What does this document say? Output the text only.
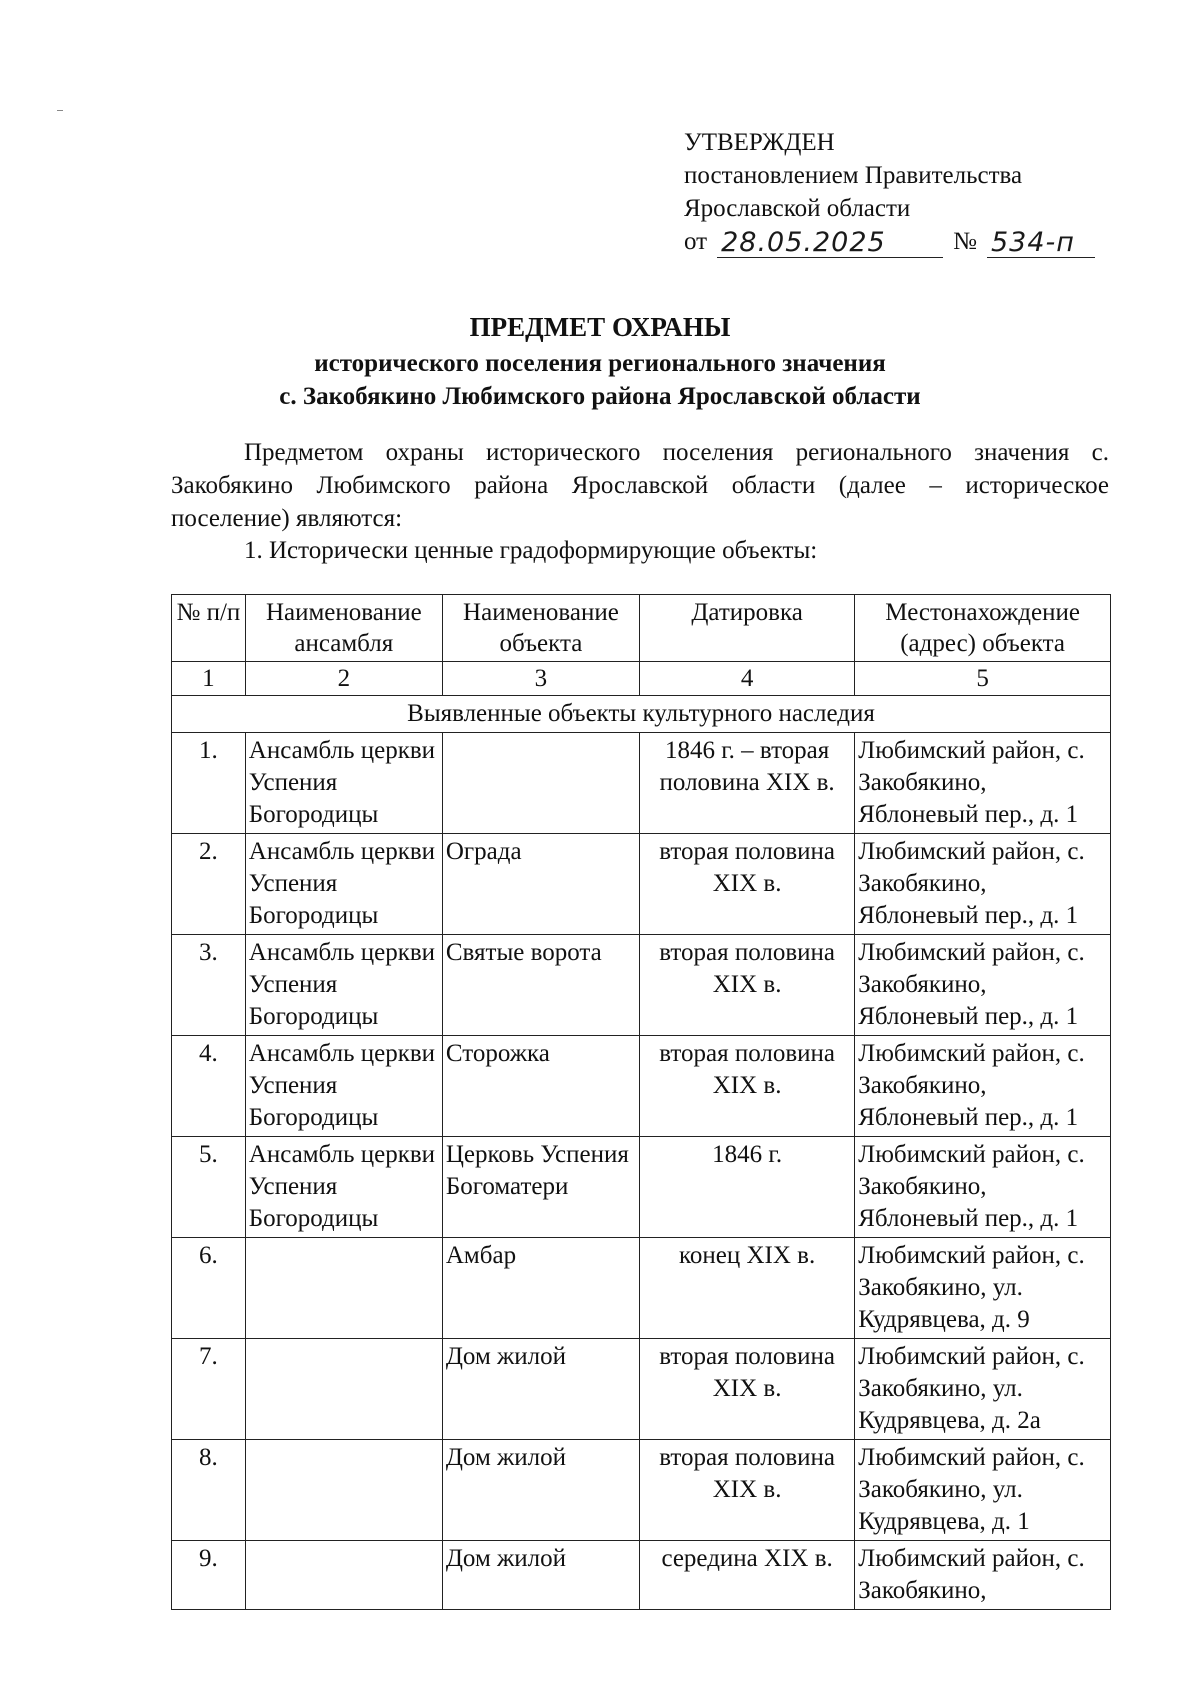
УТВЕРЖДЕН
постановлением Правительства
Ярославской области
от 28.05.2025	№ 534-п
ПРЕДМЕТ ОХРАНЫ
исторического поселения регионального значения
с. Закобякино Любимского района Ярославской области
Предметом охраны исторического поселения регионального значения с. Закобякино Любимского района Ярославской области (далее – историческое поселение) являются:
1. Исторически ценные градоформирующие объекты:
№ п/п	Наименование ансамбля	Наименование объекта	Датировка	Местонахождение (адрес) объекта
1	2	3	4	5
Выявленные объекты культурного наследия				
1.	Ансамбль церкви Успения Богородицы		1846 г. – вторая половина XIX в.	Любимский район, с. Закобякино, Яблоневый пер., д. 1
2.	Ансамбль церкви Успения Богородицы	Ограда	вторая половина XIX в.	Любимский район, с. Закобякино, Яблоневый пер., д. 1
3.	Ансамбль церкви Успения Богородицы	Святые ворота	вторая половина XIX в.	Любимский район, с. Закобякино, Яблоневый пер., д. 1
4.	Ансамбль церкви Успения Богородицы	Сторожка	вторая половина XIX в.	Любимский район, с. Закобякино, Яблоневый пер., д. 1
5.	Ансамбль церкви Успения Богородицы	Церковь Успения Богоматери	1846 г.	Любимский район, с. Закобякино, Яблоневый пер., д. 1
6.		Амбар	конец XIX в.	Любимский район, с. Закобякино, ул. Кудрявцева, д. 9
7.		Дом жилой	вторая половина XIX в.	Любимский район, с. Закобякино, ул. Кудрявцева, д. 2а
8.		Дом жилой	вторая половина XIX в.	Любимский район, с. Закобякино, ул. Кудрявцева, д. 1
9.		Дом жилой	середина XIX в.	Любимский район, с. Закобякино,
